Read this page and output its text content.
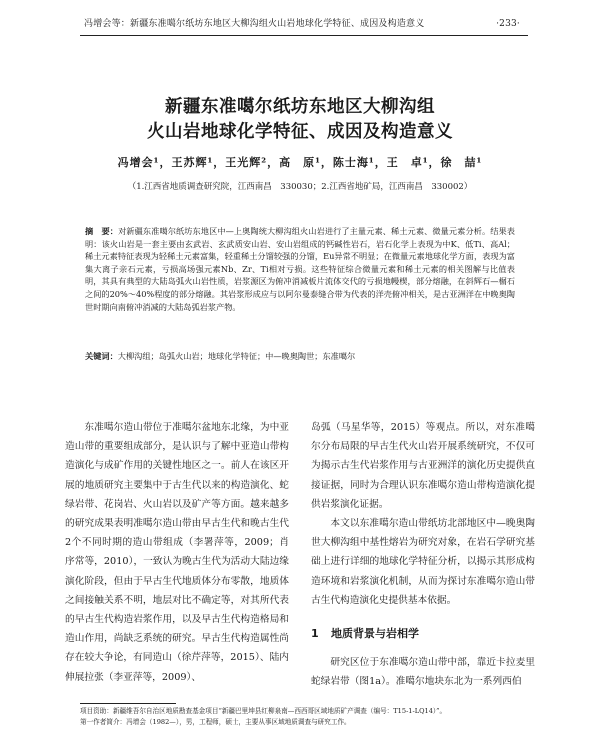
冯增会等：新疆东准噶尔纸坊东地区大柳沟组火山岩地球化学特征、成因及构造意义	·233·
新疆东准噶尔纸坊东地区大柳沟组
火山岩地球化学特征、成因及构造意义
冯增会¹，王苏辉¹，王光辉²，高　原¹，陈士海¹，王　卓¹，徐　喆¹
（1.江西省地质调查研究院，江西南昌　330030；2.江西省地矿局，江西南昌　330002）
摘　要：对新疆东准噶尔纸坊东地区中—上奥陶统大柳沟组火山岩进行了主量元素、稀土元素、微量元素分析。结果表明：该火山岩是一套主要由玄武岩、玄武质安山岩、安山岩组成的钙碱性岩石，岩石化学上表现为中K、低Ti、高Al；稀土元素特征表现为轻稀土元素富集，轻重稀土分馏较强的分馏，Eu异常不明显；在微量元素地球化学方面，表现为富集大离子亲石元素，亏损高场强元素Nb、Zr、Ti相对亏损。这些特征综合微量元素和稀土元素的相关图解与比值表明，其具有典型的大陆岛弧火山岩性质，岩浆源区为俯冲消减板片流体交代的亏损地幔楔，部分熔融，在斜辉石—榍石之间的20%～40%程度的部分熔融。其岩浆形成应与以阿尔曼泰缝合带为代表的洋壳俯冲相关，是古亚洲洋在中晚奥陶世时期向南俯冲消减的大陆岛弧岩浆产物。
关键词：大柳沟组；岛弧火山岩；地球化学特征；中—晚奥陶世；东准噶尔

东准噶尔造山带位于准噶尔盆地东北缘，为中亚造山带的重要组成部分，是认识与了解中亚造山带构造演化与成矿作用的关键性地区之一。前人在该区开展的地质研究主要集中于古生代以来的构造演化、蛇绿岩带、花岗岩、火山岩以及矿产等方面。越来越多的研究成果表明准噶尔造山带由早古生代和晚古生代2个不同时期的造山带组成（李署萍等，2009；肖序常等，2010），一致认为晚古生代为活动大陆边缘演化阶段，但由于早古生代地质体分布零散，地质体之间接触关系不明，地层对比不确定等，对其所代表的早古生代构造岩浆作用，以及早古生代构造格局和造山作用，尚缺乏系统的研究。早古生代构造属性尚存在较大争论，有同造山（徐芹萍等，2015）、陆内伸展拉张（李亚萍等，2009）、

岛弧（马星华等，2015）等观点。所以，对东准噶尔分布局限的早古生代火山岩开展系统研究，不仅可为揭示古生代岩浆作用与古亚洲洋的演化历史提供直接证据，同时为合理认识东准噶尔造山带构造演化提供岩浆演化证据。

本文以东准噶尔造山带纸坊北部地区中—晚奥陶世大柳沟组中基性熔岩为研究对象，在岩石学研究基础上进行详细的地球化学特征分析，以揭示其形成构造环境和岩浆演化机制，从而为探讨东准噶尔造山带古生代构造演化史提供基本依据。

1 地质背景与岩相学

研究区位于东准噶尔造山带中部，靠近卡拉麦里蛇绿岩带（图1a）。准噶尔地块东北为一系列西伯

项目资助：新疆维吾尔自治区地质勘查基金项目“新疆巴里坤县红柳泉南—西西哥区域地质矿产调查（编号：T15-1-LQ14）”。
第一作者简介：冯增会（1982—），男，工程师，硕士，主要从事区域地质调查与研究工作。
